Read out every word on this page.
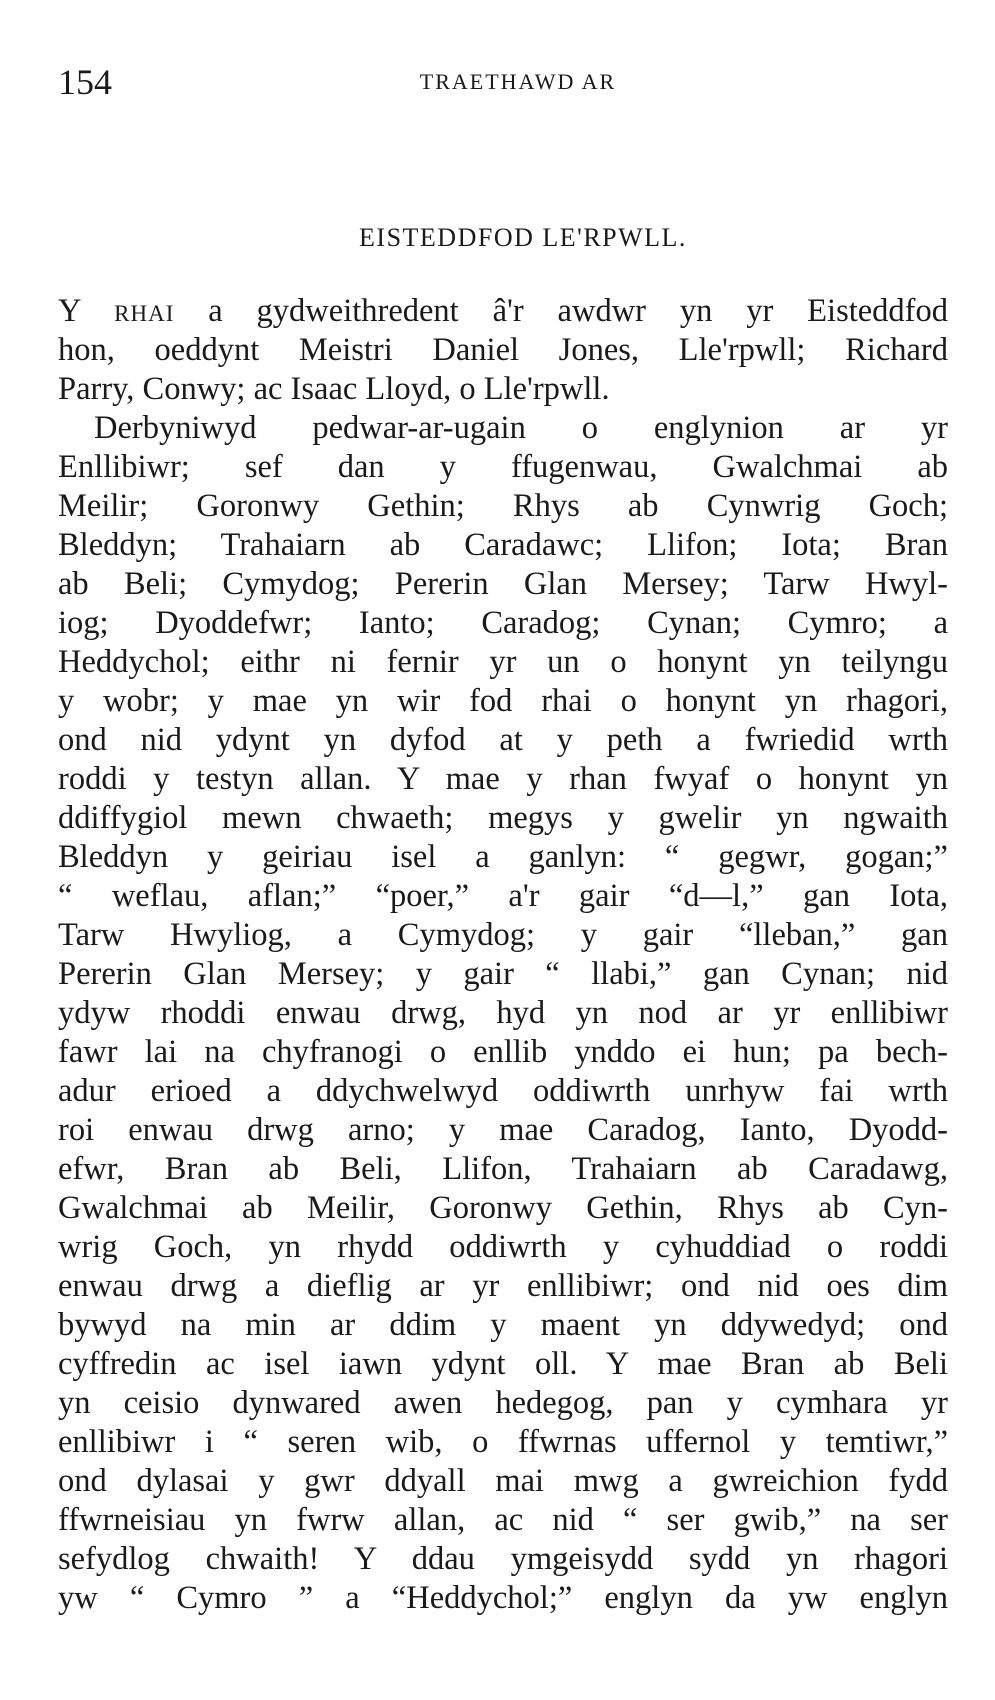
154	TRAETHAWD AR
EISTEDDFOD LE'RPWLL.
Y rhai a gydweithredent â'r awdwr yn yr Eisteddfod
hon, oeddynt Meistri Daniel Jones, Lle'rpwll; Richard
Parry, Conwy; ac Isaac Lloyd, o Lle'rpwll.
Derbyniwyd pedwar-ar-ugain o englynion ar yr
Enllibiwr; sef dan y ffugenwau, Gwalchmai ab
Meilir; Goronwy Gethin; Rhys ab Cynwrig Goch;
Bleddyn; Trahaiarn ab Caradawc; Llifon; Iota; Bran
ab Beli; Cymydog; Pererin Glan Mersey; Tarw Hwyl-
iog; Dyoddefwr; Ianto; Caradog; Cynan; Cymro; a
Heddychol; eithr ni fernir yr un o honynt yn teilyngu
y wobr; y mae yn wir fod rhai o honynt yn rhagori,
ond nid ydynt yn dyfod at y peth a fwriedid wrth
roddi y testyn allan. Y mae y rhan fwyaf o honynt yn
ddiffygiol mewn chwaeth; megys y gwelir yn ngwaith
Bleddyn y geiriau isel a ganlyn: “ gegwr, gogan;”
“ weflau, aflan;” “poer,” a'r gair “d—l,” gan Iota,
Tarw Hwyliog, a Cymydog; y gair “lleban,” gan
Pererin Glan Mersey; y gair “ llabi,” gan Cynan; nid
ydyw rhoddi enwau drwg, hyd yn nod ar yr enllibiwr
fawr lai na chyfranogi o enllib ynddo ei hun; pa bech-
adur erioed a ddychwelwyd oddiwrth unrhyw fai wrth
roi enwau drwg arno; y mae Caradog, Ianto, Dyodd-
efwr, Bran ab Beli, Llifon, Trahaiarn ab Caradawg,
Gwalchmai ab Meilir, Goronwy Gethin, Rhys ab Cyn-
wrig Goch, yn rhydd oddiwrth y cyhuddiad o roddi
enwau drwg a dieflig ar yr enllibiwr; ond nid oes dim
bywyd na min ar ddim y maent yn ddywedyd; ond
cyffredin ac isel iawn ydynt oll. Y mae Bran ab Beli
yn ceisio dynwared awen hedegog, pan y cymhara yr
enllibiwr i “ seren wib, o ffwrnas uffernol y temtiwr,”
ond dylasai y gwr ddyall mai mwg a gwreichion fydd
ffwrneisiau yn fwrw allan, ac nid “ ser gwib,” na ser
sefydlog chwaith! Y ddau ymgeisydd sydd yn rhagori
yw “ Cymro ” a “Heddychol;” englyn da yw englyn
